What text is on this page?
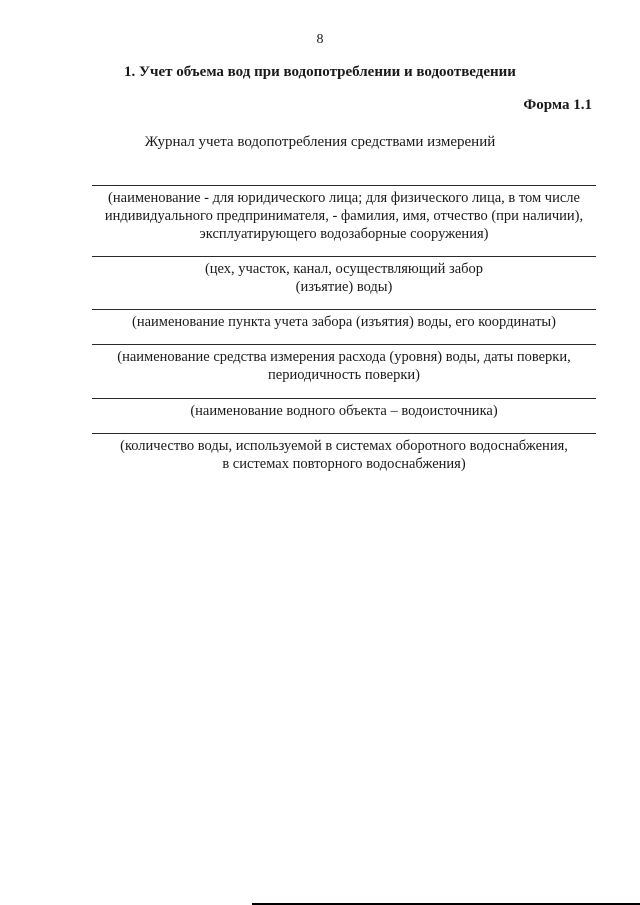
8
1. Учет объема вод при водопотреблении и водоотведении
Форма 1.1
Журнал учета водопотребления средствами измерений
(наименование - для юридического лица; для физического лица, в том числе
индивидуального предпринимателя, - фамилия, имя, отчество (при наличии),
эксплуатирующего водозаборные сооружения)
(цех, участок, канал, осуществляющий забор
(изъятие) воды)
(наименование пункта учета забора (изъятия) воды, его координаты)
(наименование средства измерения расхода (уровня) воды, даты поверки,
периодичность поверки)
(наименование водного объекта – водоисточника)
(количество воды, используемой в системах оборотного водоснабжения,
в системах повторного водоснабжения)
